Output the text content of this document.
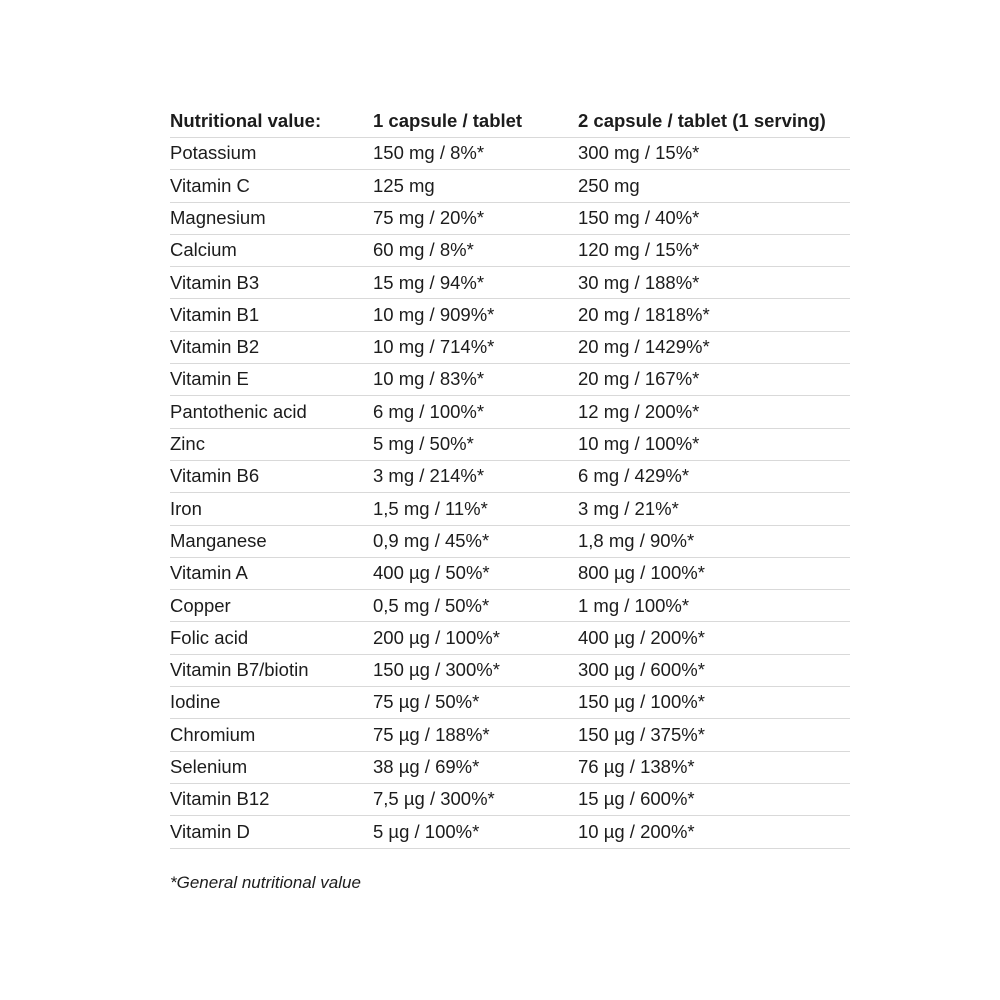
Nutritional value:	1 capsule / tablet	2 capsule / tablet (1 serving)
Potassium	150 mg / 8%*	300 mg / 15%*
Vitamin C	125 mg	250 mg
Magnesium	75 mg / 20%*	150 mg / 40%*
Calcium	60 mg / 8%*	120 mg / 15%*
Vitamin B3	15 mg / 94%*	30 mg / 188%*
Vitamin B1	10 mg / 909%*	20 mg / 1818%*
Vitamin B2	10 mg / 714%*	20 mg / 1429%*
Vitamin E	10 mg / 83%*	20 mg / 167%*
Pantothenic acid	6 mg / 100%*	12 mg / 200%*
Zinc	5 mg / 50%*	10 mg / 100%*
Vitamin B6	3 mg / 214%*	6 mg / 429%*
Iron	1,5 mg / 11%*	3 mg / 21%*
Manganese	0,9 mg / 45%*	1,8 mg / 90%*
Vitamin A	400 µg / 50%*	800 µg / 100%*
Copper	0,5 mg / 50%*	1 mg / 100%*
Folic acid	200 µg / 100%*	400 µg / 200%*
Vitamin B7/biotin	150 µg / 300%*	300 µg / 600%*
Iodine	75 µg / 50%*	150 µg / 100%*
Chromium	75 µg / 188%*	150 µg / 375%*
Selenium	38 µg / 69%*	76 µg / 138%*
Vitamin B12	7,5 µg / 300%*	15 µg / 600%*
Vitamin D	5 µg / 100%*	10 µg / 200%*
*General nutritional value
